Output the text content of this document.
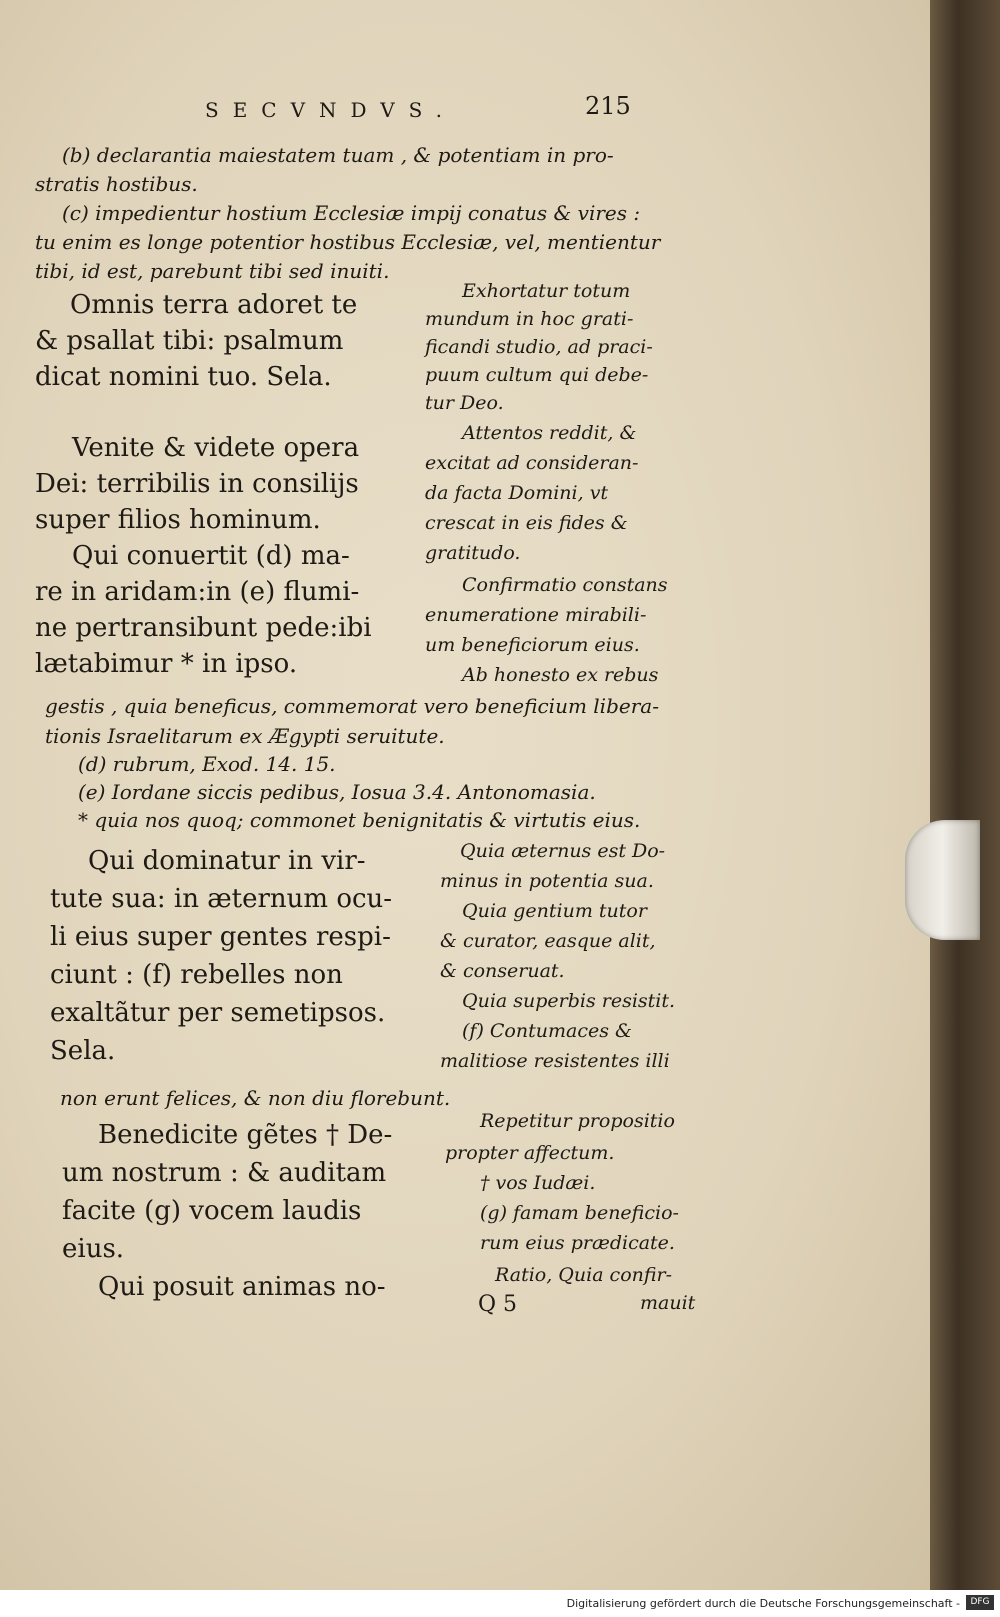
SECVNDVS.	215
(b) declarantia maiestatem tuam , & potentiam in pro-
stratis hostibus.
(c) impedientur hostium Ecclesiæ impij conatus & vires :
tu enim es longe potentior hostibus Ecclesiæ, vel, mentientur
tibi, id est, parebunt tibi sed inuiti.
Omnis terra adoret te
& psallat tibi: psalmum
dicat nomini tuo. Sela.
Exhortatur totum
mundum in hoc grati-
ficandi studio, ad praci-
puum cultum qui debe-
tur Deo.
Venite & videte opera
Dei: terribilis in consilijs
super filios hominum.
Qui conuertit (d) ma-
re in aridam:in (e) flumi-
ne pertransibunt pede:ibi
lætabimur * in ipso.
Attentos reddit, &
excitat ad consideran-
da facta Domini, vt
crescat in eis fides &
gratitudo.
Confirmatio constans
enumeratione mirabili-
um beneficiorum eius.
Ab honesto ex rebus
gestis , quia beneficus, commemorat vero beneficium libera-
tionis Israelitarum ex Ægypti seruitute.
(d) rubrum, Exod. 14. 15.
(e) Iordane siccis pedibus, Iosua 3.4. Antonomasia.
* quia nos quoq; commonet benignitatis & virtutis eius.
Qui dominatur in vir-
tute sua: in æternum ocu-
li eius super gentes respi-
ciunt : (f) rebelles non
exaltãtur per semetipsos.
Sela.
Quia æternus est Do-
minus in potentia sua.
Quia gentium tutor
& curator, easque alit,
& conseruat.
Quia superbis resistit.
(f) Contumaces &
malitiose resistentes illi
non erunt felices, & non diu florebunt.
Benedicite gẽtes † De-
um nostrum : & auditam
facite (g) vocem laudis
eius.
Qui posuit animas no-
Repetitur propositio
propter affectum.
† vos Iudæi.
(g) famam beneficio-
rum eius prædicate.
Ratio, Quia confir-
mauit
Q 5
Digitalisierung gefördert durch die Deutsche Forschungsgemeinschaft -	DFG
